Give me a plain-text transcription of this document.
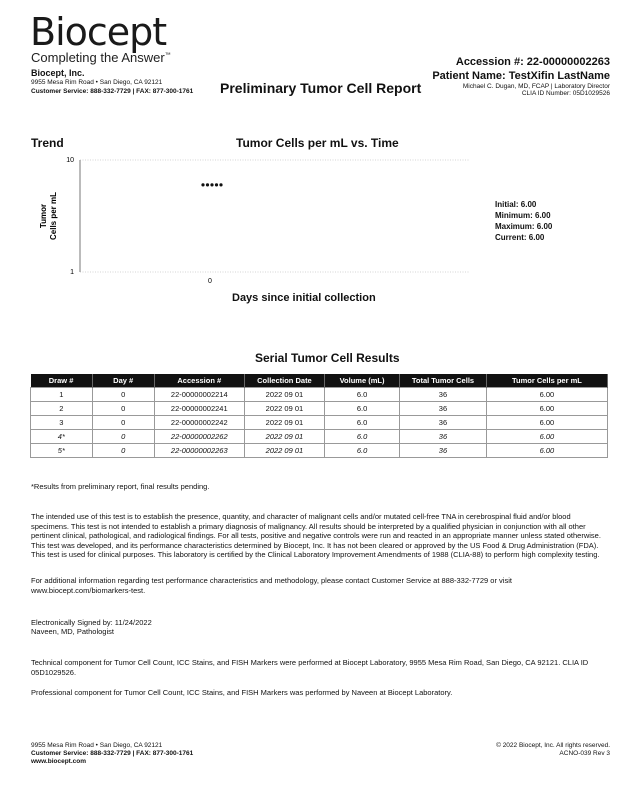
Biocept
Completing the Answer™
Biocept, Inc.
9955 Mesa Rim Road • San Diego, CA 92121
Customer Service: 888-332-7729 | FAX: 877-300-1761 Preliminary Tumor Cell Report
Accession #: 22-00000002263
Patient Name: TestXifin LastName
Michael C. Dugan, MD, FCAP | Laboratory Director
CLIA ID Number: 05D1029526
Trend	Tumor Cells per mL vs. Time
10
1
0
Tumor Cells per mL
Days since initial collection
Initial: 6.00
Minimum: 6.00
Maximum: 6.00
Current: 6.00
Serial Tumor Cell Results
Draw #	Day #	Accession #	Collection Date	Volume (mL)	Total Tumor Cells	Tumor Cells per mL
1	0	22-00000002214	2022 09 01	6.0	36	6.00
2	0	22-00000002241	2022 09 01	6.0	36	6.00
3	0	22-00000002242	2022 09 01	6.0	36	6.00
4*	0	22-00000002262	2022 09 01	6.0	36	6.00
5*	0	22-00000002263	2022 09 01	6.0	36	6.00
*Results from preliminary report, final results pending.
The intended use of this test is to establish the presence, quantity, and character of malignant cells and/or mutated cell-free TNA in cerebrospinal fluid and/or blood specimens. This test is not intended to establish a primary diagnosis of malignancy. All results should be interpreted by a qualified physician in conjunction with all other pertinent clinical, pathological, and radiological findings. For all tests, positive and negative controls were run and reacted in an appropriate manner unless stated otherwise. This test was developed, and its performance characteristics determined by Biocept, Inc. It has not been cleared or approved by the US Food & Drug Administration (FDA). This test is used for clinical purposes. This laboratory is certified by the Clinical Laboratory Improvement Amendments of 1988 (CLIA-88) to perform high complexity testing.
For additional information regarding test performance characteristics and methodology, please contact Customer Service at 888-332-7729 or visit www.biocept.com/biomarkers-test.
Electronically Signed by: 11/24/2022
Naveen, MD, Pathologist
Technical component for Tumor Cell Count, ICC Stains, and FISH Markers were performed at Biocept Laboratory, 9955 Mesa Rim Road, San Diego, CA 92121. CLIA ID 05D1029526.
Professional component for Tumor Cell Count, ICC Stains, and FISH Markers was performed by Naveen at Biocept Laboratory.
9955 Mesa Rim Road • San Diego, CA 92121
Customer Service: 888-332-7729 | FAX: 877-300-1761
www.biocept.com
© 2022 Biocept, Inc. All rights reserved.
ACNO-039 Rev 3
